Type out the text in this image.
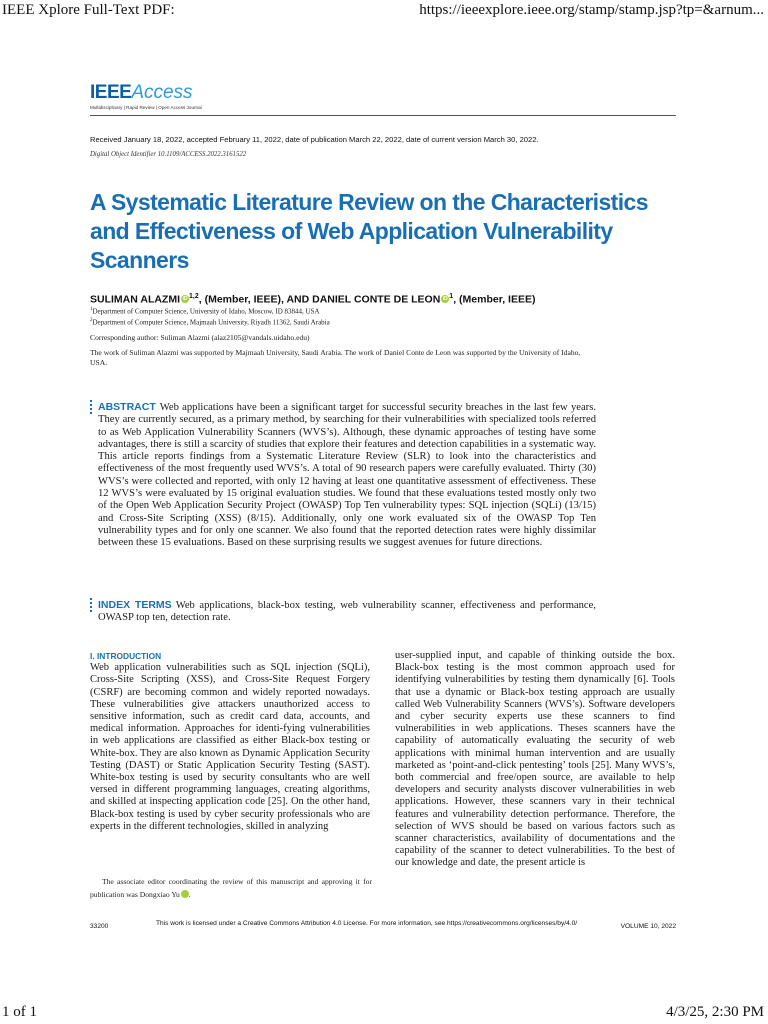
IEEE Xplore Full-Text PDF:	https://ieeexplore.ieee.org/stamp/stamp.jsp?tp=&arnum...
IEEEAccess
Multidisciplinary | Rapid Review | Open Access Journal
Received January 18, 2022, accepted February 11, 2022, date of publication March 22, 2022, date of current version March 30, 2022.
Digital Object Identifier 10.1109/ACCESS.2022.3161522
A Systematic Literature Review on the Characteristics and Effectiveness of Web Application Vulnerability Scanners
SULIMAN ALAZMI iD $^{1,2}$, (Member, IEEE), AND DANIEL CONTE DE LEON iD $^1$, (Member, IEEE)
$^1$Department of Computer Science, University of Idaho, Moscow, ID 83844, USA
$^2$Department of Computer Science, Majmaah University, Riyadh 11362, Saudi Arabia
Corresponding author: Suliman Alazmi (alaz2105@vandals.uidaho.edu)
The work of Suliman Alazmi was supported by Majmaah University, Saudi Arabia. The work of Daniel Conte de Leon was supported by the University of Idaho, USA.
ABSTRACT Web applications have been a significant target for successful security breaches in the last few years. They are currently secured, as a primary method, by searching for their vulnerabilities with specialized tools referred to as Web Application Vulnerability Scanners (WVS’s). Although, these dynamic approaches of testing have some advantages, there is still a scarcity of studies that explore their features and detection capabilities in a systematic way. This article reports findings from a Systematic Literature Review (SLR) to look into the characteristics and effectiveness of the most frequently used WVS’s. A total of 90 research papers were carefully evaluated. Thirty (30) WVS’s were collected and reported, with only 12 having at least one quantitative assessment of effectiveness. These 12 WVS’s were evaluated by 15 original evaluation studies. We found that these evaluations tested mostly only two of the Open Web Application Security Project (OWASP) Top Ten vulnerability types: SQL injection (SQLi) (13/15) and Cross-Site Scripting (XSS) (8/15). Additionally, only one work evaluated six of the OWASP Top Ten vulnerability types and for only one scanner. We also found that the reported detection rates were highly dissimilar between these 15 evaluations. Based on these surprising results we suggest avenues for future directions.
INDEX TERMS Web applications, black-box testing, web vulnerability scanner, effectiveness and performance, OWASP top ten, detection rate.
I. INTRODUCTION
Web application vulnerabilities such as SQL injection (SQLi), Cross-Site Scripting (XSS), and Cross-Site Request Forgery (CSRF) are becoming common and widely reported nowadays. These vulnerabilities give attackers unauthorized access to sensitive information, such as credit card data, accounts, and medical information. Approaches for identi-fying vulnerabilities in web applications are classified as either Black-box testing or White-box. They are also known as Dynamic Application Security Testing (DAST) or Static Application Security Testing (SAST). White-box testing is used by security consultants who are well versed in different programming languages, creating algorithms, and skilled at inspecting application code [25]. On the other hand, Black-box testing is used by cyber security professionals who are experts in the different technologies, skilled in analyzing

The associate editor coordinating the review of this manuscript and approving it for publication was Dongxiao Yu	iD.

user-supplied input, and capable of thinking outside the box. Black-box testing is the most common approach used for identifying vulnerabilities by testing them dynamically [6]. Tools that use a dynamic or Black-box testing approach are usually called Web Vulnerability Scanners (WVS’s). Software developers and cyber security experts use these scanners to find vulnerabilities in web applications. Theses scanners have the capability of automatically evaluating the security of web applications with minimal human intervention and are usually marketed as ‘point-and-click pentesting’ tools [25]. Many WVS’s, both commercial and free/open source, are available to help developers and security analysts discover vulnerabilities in web applications. However, these scanners vary in their technical features and vulnerability detection performance. Therefore, the selection of WVS should be based on various factors such as scanner characteristics, availability of documentations and the capability of the scanner to detect vulnerabilities. To the best of our knowledge and date, the present article is
33200	This work is licensed under a Creative Commons Attribution 4.0 License. For more information, see https://creativecommons.org/licenses/by/4.0/	VOLUME 10, 2022
1 of 1	4/3/25, 2:30 PM
